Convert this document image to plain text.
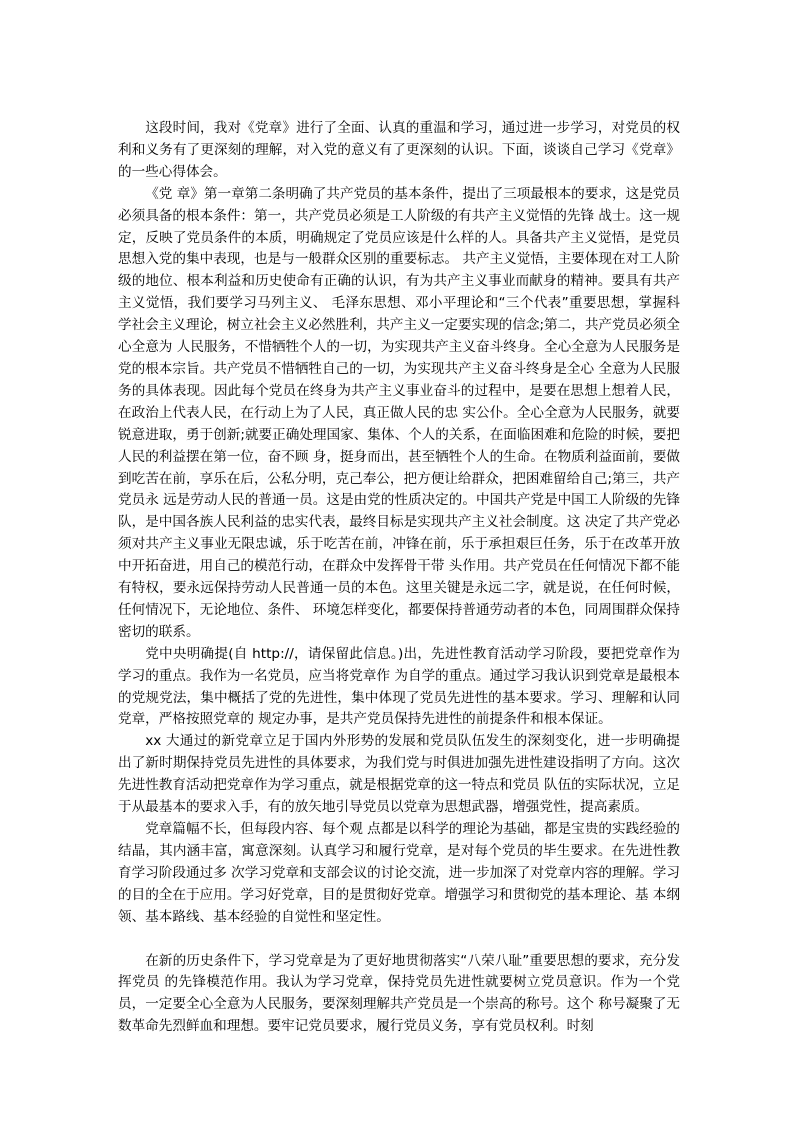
这段时间，我对《党章》进行了全面、认真的重温和学习，通过进一步学习，对党员的权利和义务有了更深刻的理解，对入党的意义有了更深刻的认识。下面，谈谈自己学习《党章》的一些心得体会。

《党 章》第一章第二条明确了共产党员的基本条件，提出了三项最根本的要求，这是党员必须具备的根本条件：第一，共产党员必须是工人阶级的有共产主义觉悟的先锋 战士。这一规定，反映了党员条件的本质，明确规定了党员应该是什么样的人。具备共产主义觉悟，是党员思想入党的集中表现，也是与一般群众区别的重要标志。 共产主义觉悟，主要体现在对工人阶级的地位、根本利益和历史使命有正确的认识，有为共产主义事业而献身的精神。要具有共产主义觉悟，我们要学习马列主义、 毛泽东思想、邓小平理论和“三个代表”重要思想，掌握科学社会主义理论，树立社会主义必然胜利，共产主义一定要实现的信念;第二，共产党员必须全心全意为 人民服务，不惜牺牲个人的一切，为实现共产主义奋斗终身。全心全意为人民服务是党的根本宗旨。共产党员不惜牺牲自己的一切，为实现共产主义奋斗终身是全心 全意为人民服务的具体表现。因此每个党员在终身为共产主义事业奋斗的过程中，是要在思想上想着人民，在政治上代表人民，在行动上为了人民，真正做人民的忠 实公仆。全心全意为人民服务，就要锐意进取，勇于创新;就要正确处理国家、集体、个人的关系，在面临困难和危险的时候，要把人民的利益摆在第一位，奋不顾 身，挺身而出，甚至牺牲个人的生命。在物质利益面前，要做到吃苦在前，享乐在后，公私分明，克己奉公，把方便让给群众，把困难留给自己;第三，共产党员永 远是劳动人民的普通一员。这是由党的性质决定的。中国共产党是中国工人阶级的先锋队，是中国各族人民利益的忠实代表，最终目标是实现共产主义社会制度。这 决定了共产党必须对共产主义事业无限忠诚，乐于吃苦在前，冲锋在前，乐于承担艰巨任务，乐于在改革开放中开拓奋进，用自己的模范行动，在群众中发挥骨干带 头作用。共产党员在任何情况下都不能有特权，要永远保持劳动人民普通一员的本色。这里关键是永远二字，就是说，在任何时候，任何情况下，无论地位、条件、 环境怎样变化，都要保持普通劳动者的本色，同周围群众保持密切的联系。

党中央明确提(自 http://，请保留此信息。)出，先进性教育活动学习阶段，要把党章作为学习的重点。我作为一名党员，应当将党章作 为自学的重点。通过学习我认识到党章是最根本的党规党法，集中概括了党的先进性，集中体现了党员先进性的基本要求。学习、理解和认同党章，严格按照党章的 规定办事，是共产党员保持先进性的前提条件和根本保证。

xx 大通过的新党章立足于国内外形势的发展和党员队伍发生的深刻变化，进一步明确提 出了新时期保持党员先进性的具体要求，为我们党与时俱进加强先进性建设指明了方向。这次先进性教育活动把党章作为学习重点，就是根据党章的这一特点和党员 队伍的实际状况，立足于从最基本的要求入手，有的放矢地引导党员以党章为思想武器，增强党性，提高素质。

党章篇幅不长，但每段内容、每个观 点都是以科学的理论为基础，都是宝贵的实践经验的结晶，其内涵丰富，寓意深刻。认真学习和履行党章，是对每个党员的毕生要求。在先进性教育学习阶段通过多 次学习党章和支部会议的讨论交流，进一步加深了对党章内容的理解。学习的目的全在于应用。学习好党章，目的是贯彻好党章。增强学习和贯彻党的基本理论、基 本纲领、基本路线、基本经验的自觉性和坚定性。

在新的历史条件下，学习党章是为了更好地贯彻落实“八荣八耻”重要思想的要求，充分发挥党员 的先锋模范作用。我认为学习党章，保持党员先进性就要树立党员意识。作为一个党员，一定要全心全意为人民服务，要深刻理解共产党员是一个崇高的称号。这个 称号凝聚了无数革命先烈鲜血和理想。要牢记党员要求，履行党员义务，享有党员权利。时刻
